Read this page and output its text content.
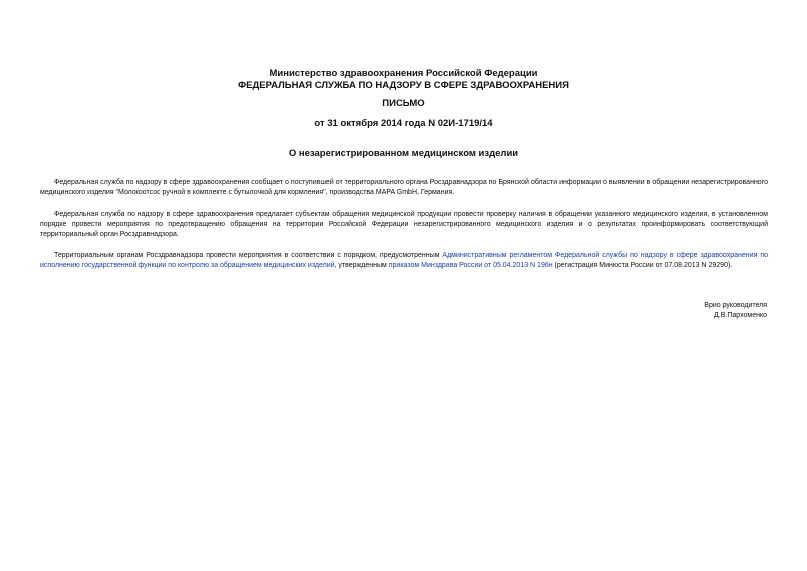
Министерство здравоохранения Российской Федерации
ФЕДЕРАЛЬНАЯ СЛУЖБА ПО НАДЗОРУ В СФЕРЕ ЗДРАВООХРАНЕНИЯ
ПИСЬМО
от 31 октября 2014 года N 02И-1719/14
О незарегистрированном медицинском изделии
Федеральная служба по надзору в сфере здравоохранения сообщает о поступившей от территориального органа Росздравнадзора по Брянской области информации о выявлении в обращении незарегистрированного медицинского изделия "Молокоотсос ручной в комплекте с бутылочкой для кормления", производства MAPA GmbH, Германия.
Федеральная служба по надзору в сфере здравоохранения предлагает субъектам обращения медицинской продукции провести проверку наличия в обращении указанного медицинского изделия, в установленном порядке провести мероприятия по предотвращению обращения на территории Российской Федерации незарегистрированного медицинского изделия и о результатах проинформировать соответствующий территориальный орган Росздравнадзора.
Территориальным органам Росздравнадзора провести мероприятия в соответствии с порядком, предусмотренным Административным регламентом Федеральной службы по надзору в сфере здравоохранения по исполнению государственной функции по контролю за обращением медицинских изделий, утвержденным приказом Минздрава России от 05.04.2013 N 196н (регистрация Минюста России от 07.08.2013 N 29290).
Врио руководителя
Д.В.Пархоменко
